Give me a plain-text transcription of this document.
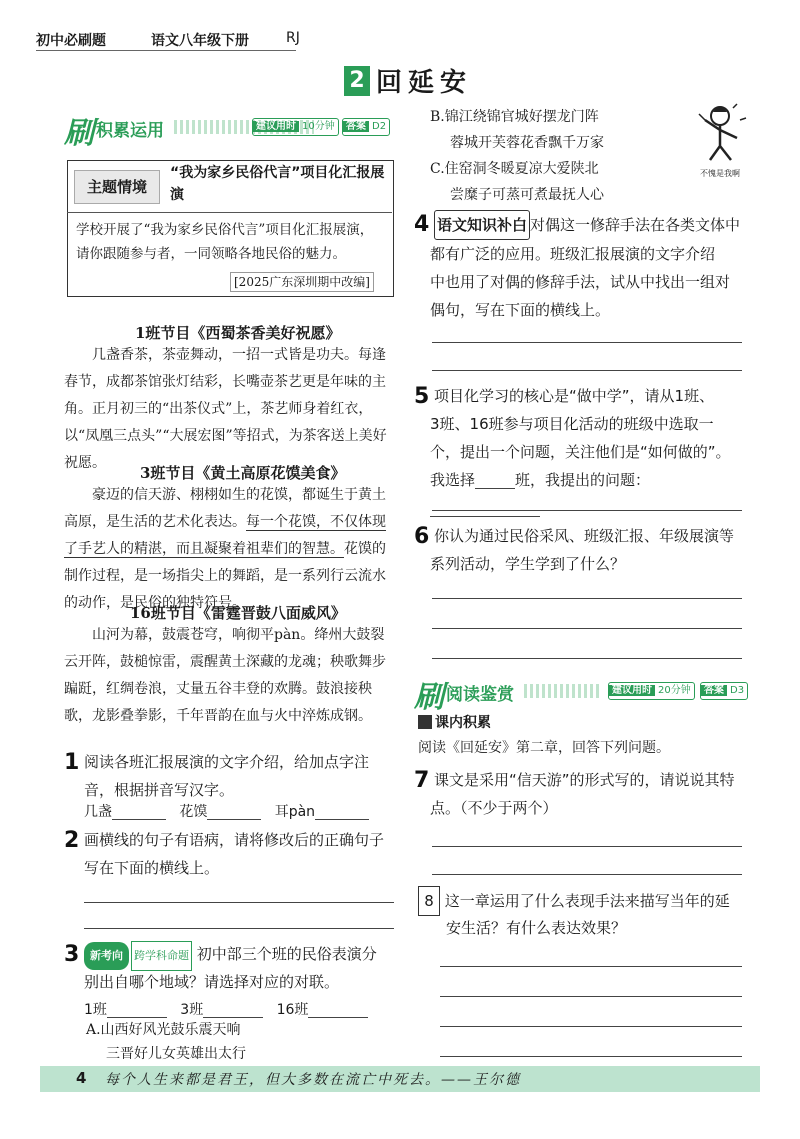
初中必刷题	语文八年级下册	RJ
2 回延安
刷 积累运用	建议用时 10分钟	答案 D2
主题情境
“我为家乡民俗代言”项目化汇报展演
学校开展了“我为家乡民俗代言”项目化汇报展演，请你跟随参与者，一同领略各地民俗的魅力。
[2025广东深圳期中改编]
1班节目《西蜀茶香美好祝愿》
几盏香茶，茶壶舞动，一招一式皆是功夫。每逢春节，成都茶馆张灯结彩，长嘴壶茶艺更是年味的主角。正月初三的“出茶仪式”上，茶艺师身着红衣，以“凤凰三点头”“大展宏图”等招式，为茶客送上美好祝愿。
3班节目《黄土高原花馍美食》
豪迈的信天游、栩栩如生的花馍，都诞生于黄土高原，是生活的艺术化表达。每一个花馍，不仅体现了手艺人的精湛，而且凝聚着祖辈们的智慧。花馍的制作过程，是一场指尖上的舞蹈，是一系列行云流水的动作，是民俗的独特符号。
16班节目《雷霆晋鼓八面威风》
山河为幕，鼓震苍穹，响彻平pàn。绛州大鼓裂云开阵，鼓槌惊雷，震醒黄土深藏的龙魂；秧歌舞步蹁跹，红绸卷浪，丈量五谷丰登的欢腾。鼓浪接秧歌，龙影叠拳影，千年晋韵在血与火中淬炼成钢。
1 阅读各班汇报展演的文字介绍，给加点字注音，根据拼音写汉字。
几盏	花馍	耳pàn
2 画横线的句子有语病，请将修改后的正确句子写在下面的横线上。
3 新考向 跨学科命题 初中部三个班的民俗表演分
别出自哪个地域？请选择对应的对联。
1班	3班	16班
A.山西好风光鼓乐震天响
三晋好儿女英雄出太行
B.锦江绕锦官城好摆龙门阵
蓉城开芙蓉花香飘千万家
C.住窑洞冬暖夏凉大爱陕北
尝糜子可蒸可煮最抚人心
不愧是我啊
4 语文知识补白 对偶这一修辞手法在各类文体中
都有广泛的应用。班级汇报展演的文字介绍
中也用了对偶的修辞手法，试从中找出一组对
偶句，写在下面的横线上。
5 项目化学习的核心是“做中学”，请从1班、
3班、16班参与项目化活动的班级中选取一
个，提出一个问题，关注他们是“如何做的”。
我选择	班，我提出的问题：
6 你认为通过民俗采风、班级汇报、年级展演等
系列活动，学生学到了什么？
刷 阅读鉴赏	建议用时 20分钟	答案 D3
课内积累
阅读《回延安》第二章，回答下列问题。
7 课文是采用“信天游”的形式写的，请说说其特
点。（不少于两个）
8 这一章运用了什么表现手法来描写当年的延
安生活？有什么表达效果？
4 每个人生来都是君王，但大多数在流亡中死去。——王尔德
